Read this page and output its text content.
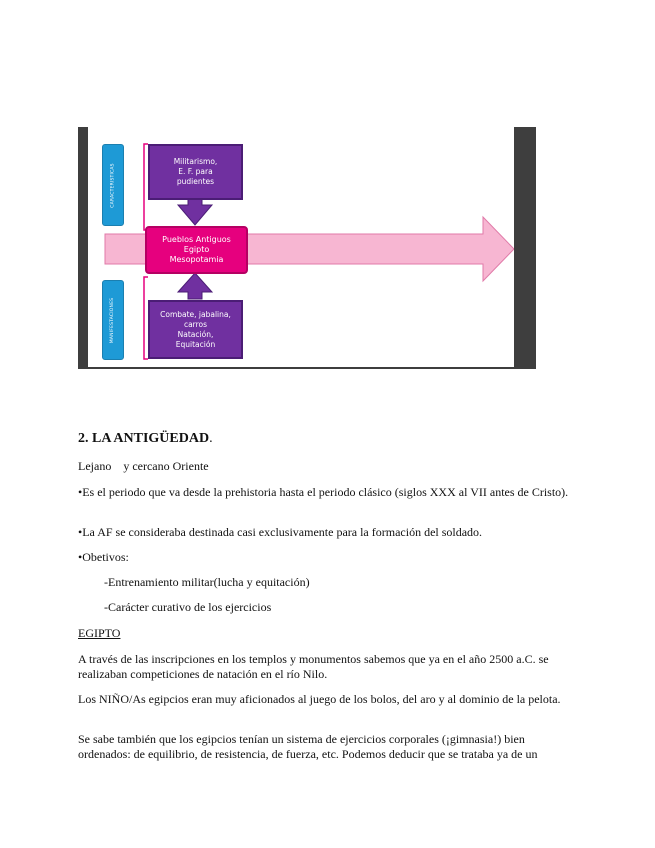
CARACTERISTICAS
MANIFESTACIONES
Militarismo,
E. F. para
pudientes
Pueblos Antiguos
Egipto
Mesopotamia
Combate, jabalina,
carros
Natación,
Equitación

2. LA ANTIGÜEDAD.

Lejano    y cercano Oriente

•Es el periodo que va desde la prehistoria hasta el periodo clásico (siglos XXX al VII antes de Cristo).

•La AF se consideraba destinada casi exclusivamente para la formación del soldado.

•Obetivos:

-Entrenamiento militar(lucha y equitación)

-Carácter curativo de los ejercicios

EGIPTO

A través de las inscripciones en los templos y monumentos sabemos que ya en el año 2500 a.C. se realizaban competiciones de natación en el río Nilo.

Los NIÑO/As egipcios eran muy aficionados al juego de los bolos, del aro y al dominio de la pelota.

Se sabe también que los egipcios tenían un sistema de ejercicios corporales (¡gimnasia!) bien ordenados: de equilibrio, de resistencia, de fuerza, etc. Podemos deducir que se trataba ya de un
